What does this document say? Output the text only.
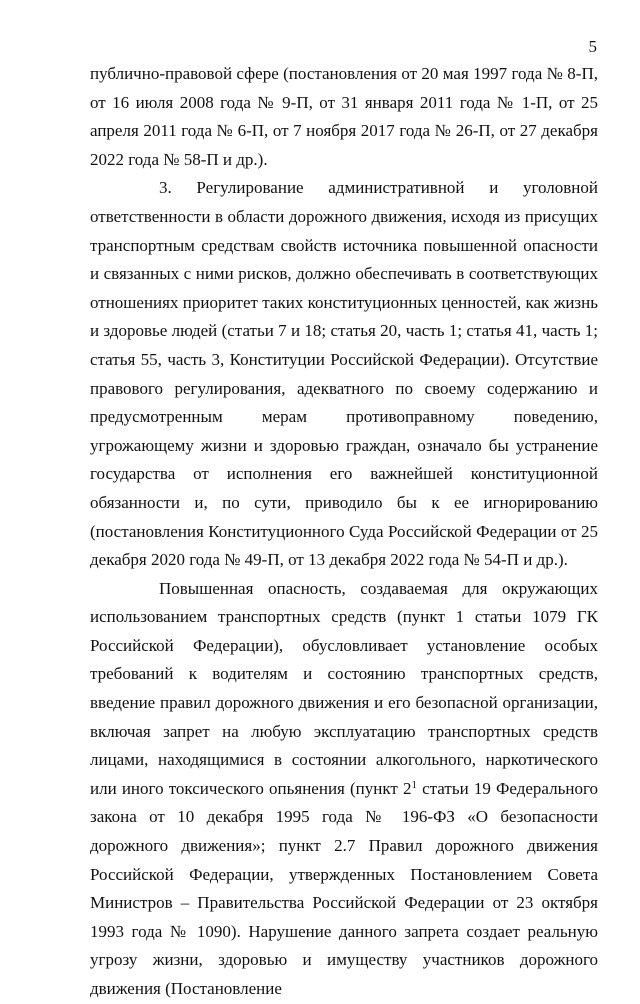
5

публично-правовой сфере (постановления от 20 мая 1997 года № 8-П, от 16 июля 2008 года № 9-П, от 31 января 2011 года № 1-П, от 25 апреля 2011 года № 6-П, от 7 ноября 2017 года № 26-П, от 27 декабря 2022 года № 58-П и др.).

3. Регулирование административной и уголовной ответственности в области дорожного движения, исходя из присущих транспортным средствам свойств источника повышенной опасности и связанных с ними рисков, должно обеспечивать в соответствующих отношениях приоритет таких конституционных ценностей, как жизнь и здоровье людей (статьи 7 и 18; статья 20, часть 1; статья 41, часть 1; статья 55, часть 3, Конституции Российской Федерации). Отсутствие правового регулирования, адекватного по своему содержанию и предусмотренным мерам противоправному поведению, угрожающему жизни и здоровью граждан, означало бы устранение государства от исполнения его важнейшей конституционной обязанности и, по сути, приводило бы к ее игнорированию (постановления Конституционного Суда Российской Федерации от 25 декабря 2020 года № 49-П, от 13 декабря 2022 года № 54-П и др.).

Повышенная опасность, создаваемая для окружающих использованием транспортных средств (пункт 1 статьи 1079 ГК Российской Федерации), обусловливает установление особых требований к водителям и состоянию транспортных средств, введение правил дорожного движения и его безопасной организации, включая запрет на любую эксплуатацию транспортных средств лицами, находящимися в состоянии алкогольного, наркотического или иного токсического опьянения (пункт $2^1$ статьи 19 Федерального закона от 10 декабря 1995 года № 196-ФЗ «О безопасности дорожного движения»; пункт 2.7 Правил дорожного движения Российской Федерации, утвержденных Постановлением Совета Министров – Правительства Российской Федерации от 23 октября 1993 года № 1090). Нарушение данного запрета создает реальную угрозу жизни, здоровью и имуществу участников дорожного движения (Постановление
